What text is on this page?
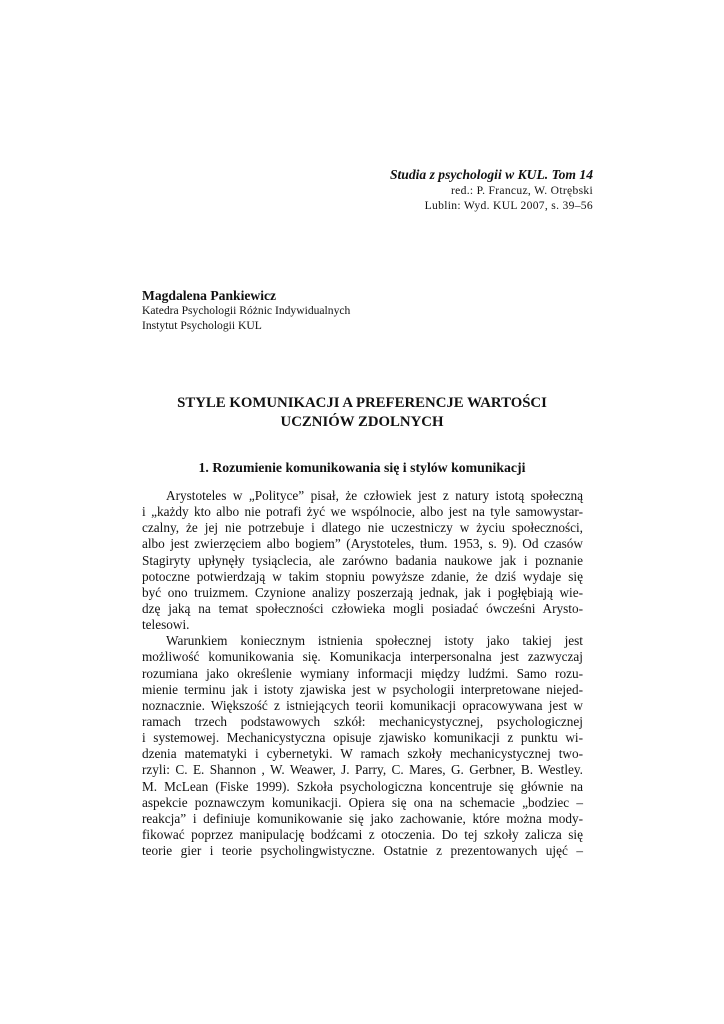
Studia z psychologii w KUL. Tom 14
red.: P. Francuz, W. Otrębski
Lublin: Wyd. KUL 2007, s. 39–56
Magdalena Pankiewicz
Katedra Psychologii Różnic Indywidualnych
Instytut Psychologii KUL
STYLE KOMUNIKACJI A PREFERENCJE WARTOŚCI
UCZNIÓW ZDOLNYCH
1. Rozumienie komunikowania się i stylów komunikacji
Arystoteles w „Polityce” pisał, że człowiek jest z natury istotą społeczną
i „każdy kto albo nie potrafi żyć we wspólnocie, albo jest na tyle samowystar-
czalny, że jej nie potrzebuje i dlatego nie uczestniczy w życiu społeczności,
albo jest zwierzęciem albo bogiem” (Arystoteles, tłum. 1953, s. 9). Od czasów
Stagiryty upłynęły tysiąclecia, ale zarówno badania naukowe jak i poznanie
potoczne potwierdzają w takim stopniu powyższe zdanie, że dziś wydaje się
być ono truizmem. Czynione analizy poszerzają jednak, jak i pogłębiają wie-
dzę jaką na temat społeczności człowieka mogli posiadać ówcześni Arysto-
telesowi.
Warunkiem koniecznym istnienia społecznej istoty jako takiej jest
możliwość komunikowania się. Komunikacja interpersonalna jest zazwyczaj
rozumiana jako określenie wymiany informacji między ludźmi. Samo rozu-
mienie terminu jak i istoty zjawiska jest w psychologii interpretowane niejed-
noznacznie. Większość z istniejących teorii komunikacji opracowywana jest w
ramach trzech podstawowych szkół: mechanicystycznej, psychologicznej
i systemowej. Mechanicystyczna opisuje zjawisko komunikacji z punktu wi-
dzenia matematyki i cybernetyki. W ramach szkoły mechanicystycznej two-
rzyli: C. E. Shannon , W. Weawer, J. Parry, C. Mares, G. Gerbner, B. Westley.
M. McLean (Fiske 1999). Szkoła psychologiczna koncentruje się głównie na
aspekcie poznawczym komunikacji. Opiera się ona na schemacie „bodziec –
reakcja” i definiuje komunikowanie się jako zachowanie, które można mody-
fikować poprzez manipulację bodźcami z otoczenia. Do tej szkoły zalicza się
teorie gier i teorie psycholingwistyczne. Ostatnie z prezentowanych ujęć –
